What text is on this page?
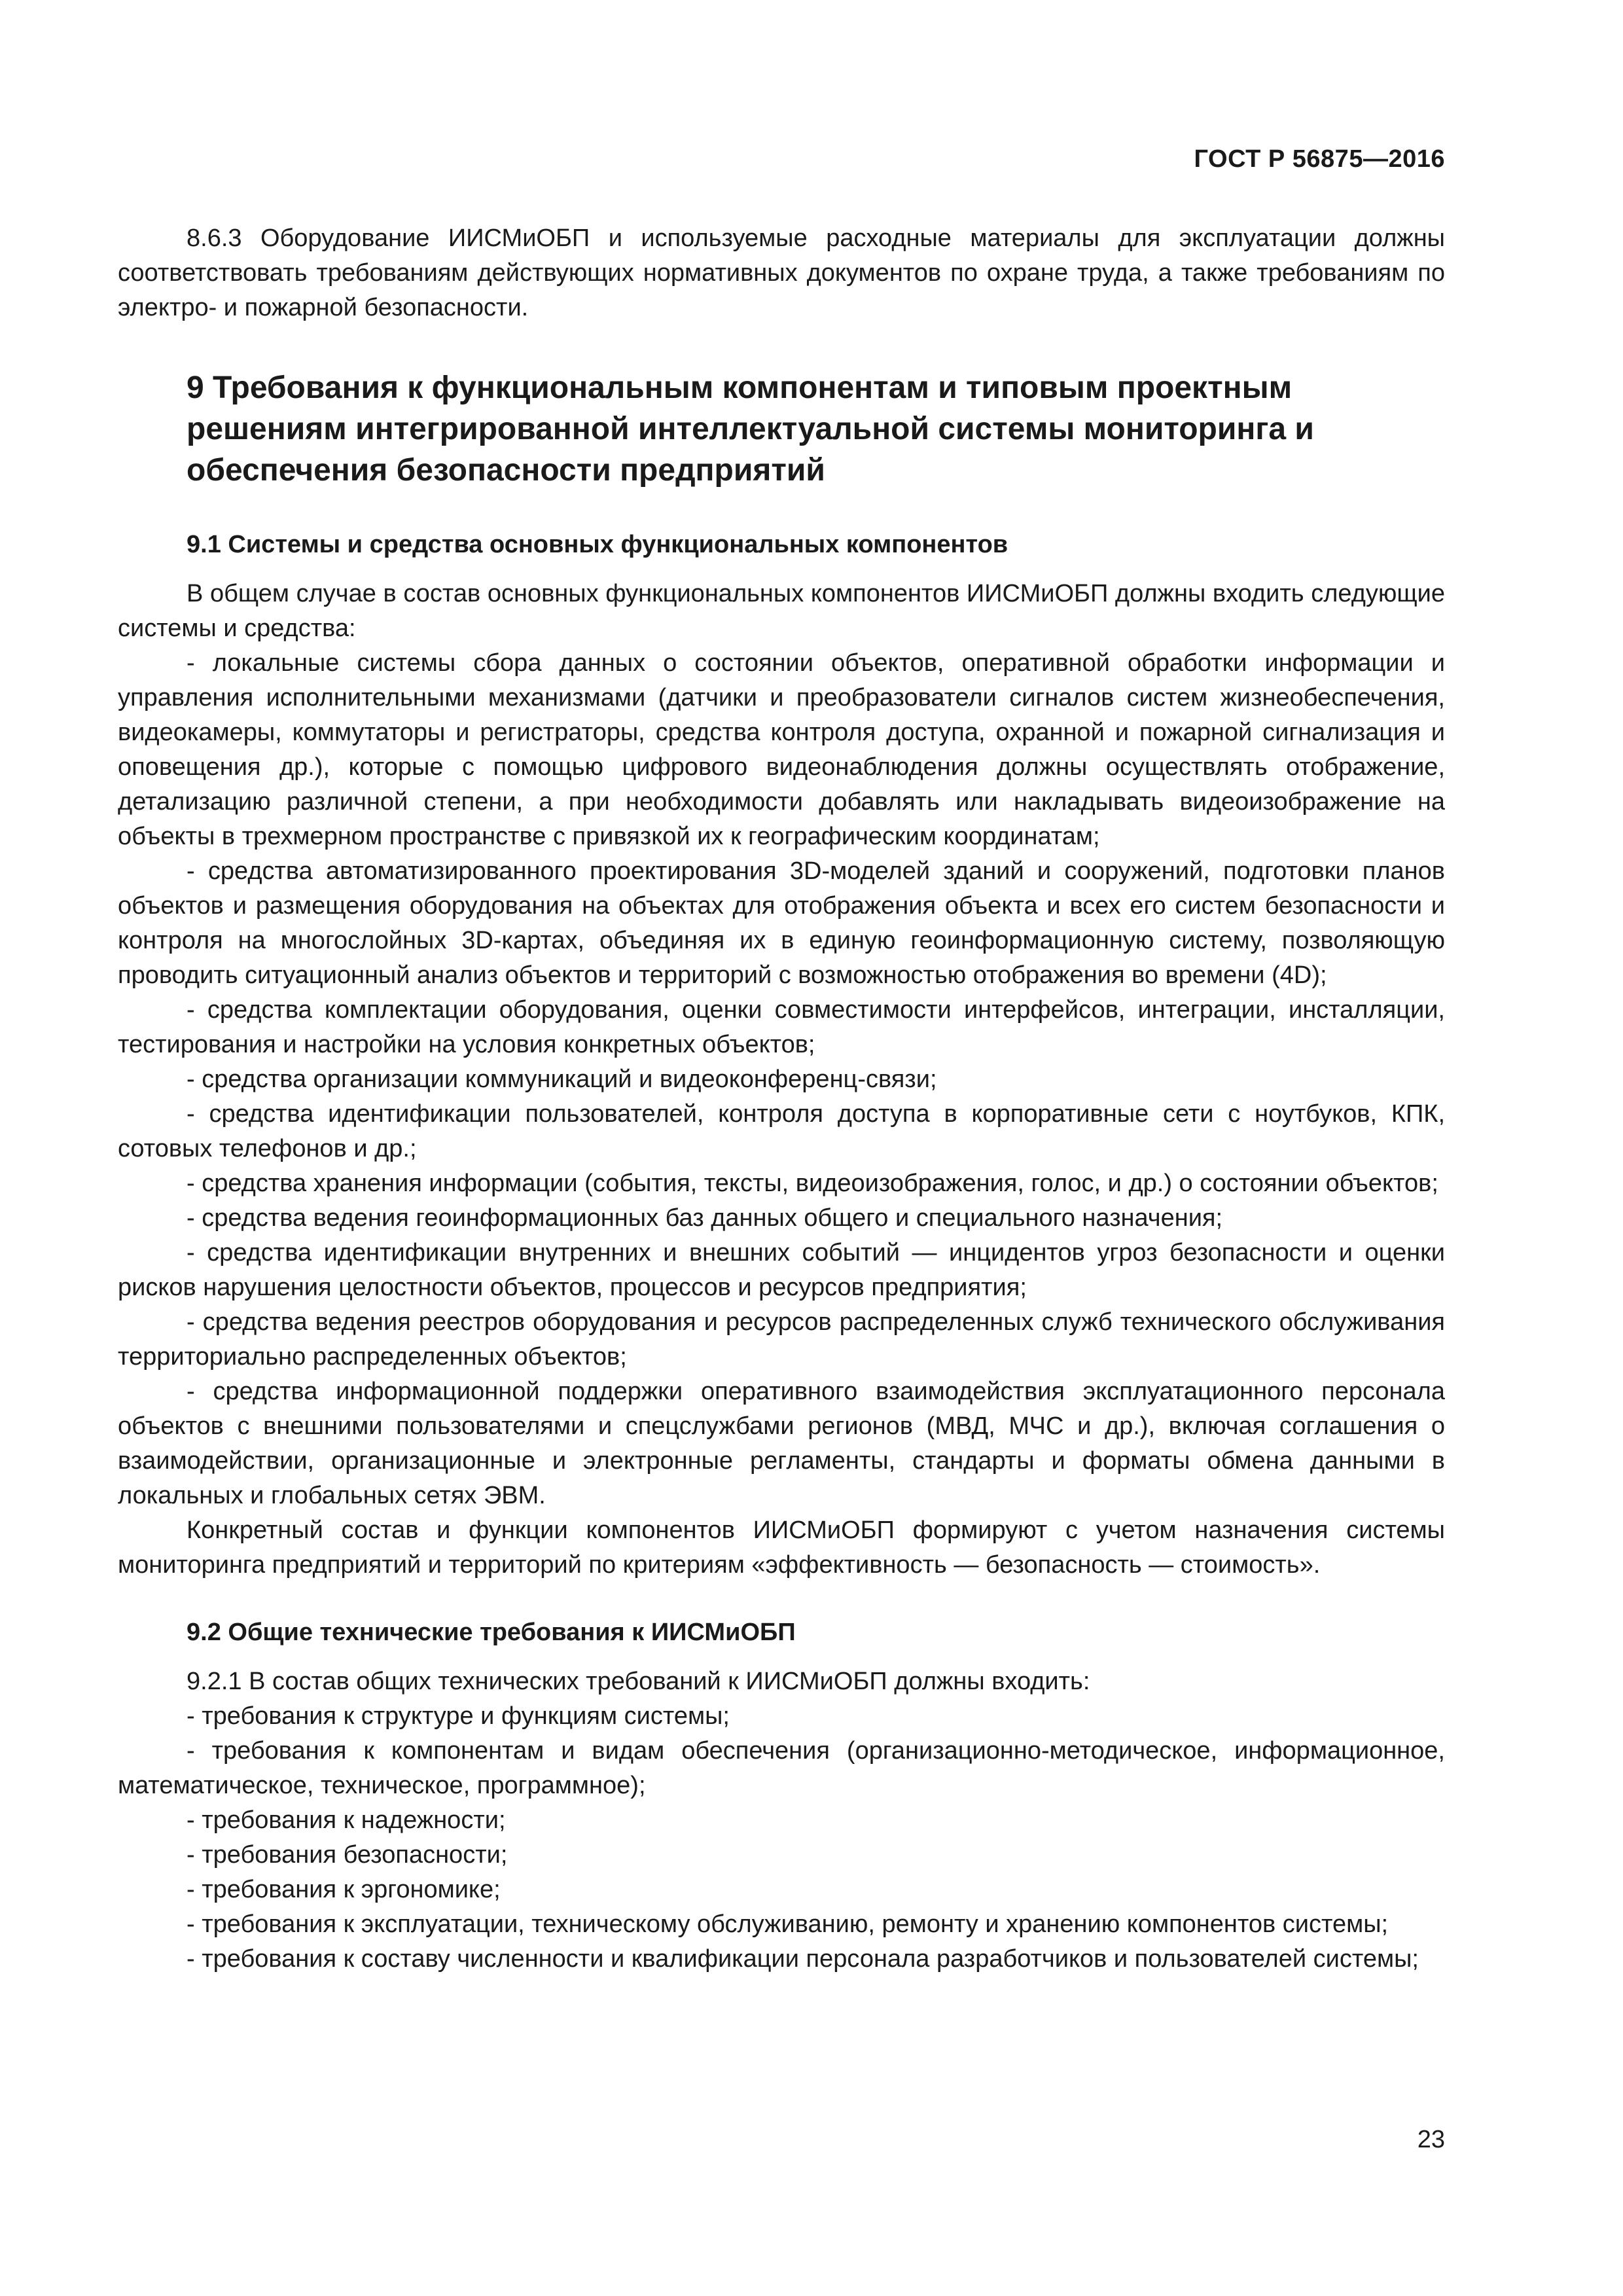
ГОСТ Р 56875—2016

8.6.3 Оборудование ИИСМиОБП и используемые расходные материалы для эксплуатации должны соответствовать требованиям действующих нормативных документов по охране труда, а также требованиям по электро- и пожарной безопасности.

9 Требования к функциональным компонентам и типовым проектным решениям интегрированной интеллектуальной системы мониторинга и обеспечения безопасности предприятий
9.1 Системы и средства основных функциональных компонентов

В общем случае в состав основных функциональных компонентов ИИСМиОБП должны входить следующие системы и средства:

- локальные системы сбора данных о состоянии объектов, оперативной обработки информации и управления исполнительными механизмами (датчики и преобразователи сигналов систем жизнеобеспечения, видеокамеры, коммутаторы и регистраторы, средства контроля доступа, охранной и пожарной сигнализация и оповещения др.), которые с помощью цифрового видеонаблюдения должны осуществлять отображение, детализацию различной степени, а при необходимости добавлять или накладывать видеоизображение на объекты в трехмерном пространстве с привязкой их к географическим координатам;

- средства автоматизированного проектирования 3D-моделей зданий и сооружений, подготовки планов объектов и размещения оборудования на объектах для отображения объекта и всех его систем безопасности и контроля на многослойных 3D-картах, объединяя их в единую геоинформационную систему, позволяющую проводить ситуационный анализ объектов и территорий с возможностью отображения во времени (4D);

- средства комплектации оборудования, оценки совместимости интерфейсов, интеграции, инсталляции, тестирования и настройки на условия конкретных объектов;

- средства организации коммуникаций и видеоконференц-связи;

- средства идентификации пользователей, контроля доступа в корпоративные сети с ноутбуков, КПК, сотовых телефонов и др.;

- средства хранения информации (события, тексты, видеоизображения, голос, и др.) о состоянии объектов;

- средства ведения геоинформационных баз данных общего и специального назначения;

- средства идентификации внутренних и внешних событий — инцидентов угроз безопасности и оценки рисков нарушения целостности объектов, процессов и ресурсов предприятия;

- средства ведения реестров оборудования и ресурсов распределенных служб технического обслуживания территориально распределенных объектов;

- средства информационной поддержки оперативного взаимодействия эксплуатационного персонала объектов с внешними пользователями и спецслужбами регионов (МВД, МЧС и др.), включая соглашения о взаимодействии, организационные и электронные регламенты, стандарты и форматы обмена данными в локальных и глобальных сетях ЭВМ.

Конкретный состав и функции компонентов ИИСМиОБП формируют с учетом назначения системы мониторинга предприятий и территорий по критериям «эффективность — безопасность — стоимость».

9.2 Общие технические требования к ИИСМиОБП

9.2.1 В состав общих технических требований к ИИСМиОБП должны входить:

- требования к структуре и функциям системы;

- требования к компонентам и видам обеспечения (организационно-методическое, информационное, математическое, техническое, программное);

- требования к надежности;

- требования безопасности;

- требования к эргономике;

- требования к эксплуатации, техническому обслуживанию, ремонту и хранению компонентов системы;

- требования к составу численности и квалификации персонала разработчиков и пользователей системы;

23
